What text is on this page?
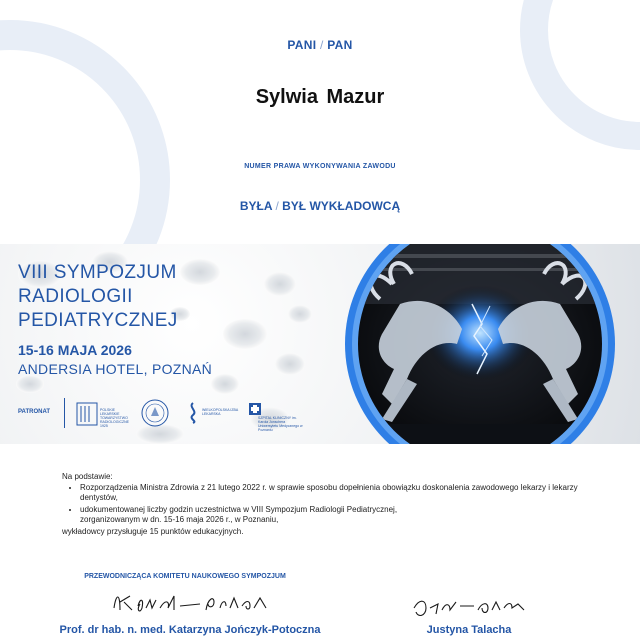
PANI / PAN
Sylwia Mazur
NUMER PRAWA WYKONYWANIA ZAWODU
BYŁA / BYŁ WYKŁADOWCĄ
VIII SYMPOZJUM
RADIOLOGII
PEDIATRYCZNEJ
15-16 MAJA 2026
ANDERSIA HOTEL, POZNAŃ
PATRONAT	POLSKIE LEKARSKIE TOWARZYSTWO RADIOLOGICZNE 1925
WIELKOPOLSKA IZBA LEKARSKA
SZPITAL KLINICZNY im. Karola Jonschera Uniwersytetu Medycznego w Poznaniu
Na podstawie:
• Rozporządzenia Ministra Zdrowia z 21 lutego 2022 r. w sprawie sposobu dopełnienia obowiązku doskonalenia zawodowego lekarzy i lekarzy dentystów,
• udokumentowanej liczby godzin uczestnictwa w VIII Sympozjum Radiologii Pediatrycznej,
zorganizowanym w dn. 15-16 maja 2026 r., w Poznaniu,
wykładowcy przysługuje 15 punktów edukacyjnych.
PRZEWODNICZĄCA KOMITETU NAUKOWEGO SYMPOZJUM
Prof. dr hab. n. med. Katarzyna Jończyk-Potoczna	Justyna Talacha
